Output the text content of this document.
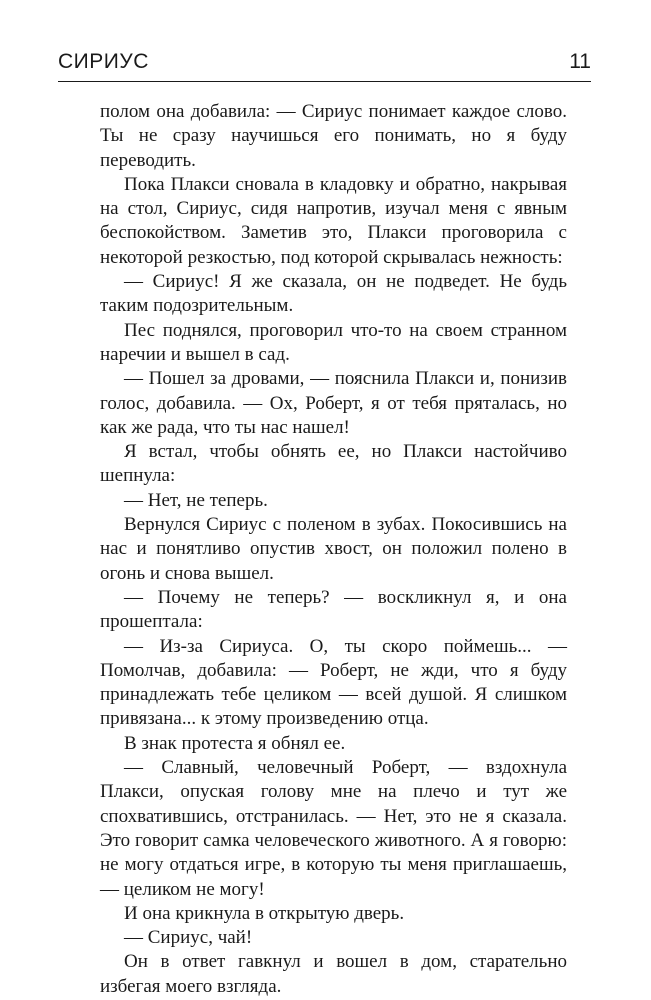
СИРИУС	11

полом она добавила: — Сириус понимает каждое слово. Ты не сразу научишься его понимать, но я буду переводить.

Пока Плакси сновала в кладовку и обратно, накрывая на стол, Сириус, сидя напротив, изучал меня с явным беспокойством. Заметив это, Плакси проговорила с некоторой резкостью, под которой скрывалась нежность:

— Сириус! Я же сказала, он не подведет. Не будь таким подозрительным.

Пес поднялся, проговорил что-то на своем странном наречии и вышел в сад.

— Пошел за дровами, — пояснила Плакси и, понизив голос, добавила. — Ох, Роберт, я от тебя пряталась, но как же рада, что ты нас нашел!

Я встал, чтобы обнять ее, но Плакси настойчиво шепнула:

— Нет, не теперь.

Вернулся Сириус с поленом в зубах. Покосившись на нас и понятливо опустив хвост, он положил полено в огонь и снова вышел.

— Почему не теперь? — воскликнул я, и она прошептала:

— Из-за Сириуса. О, ты скоро поймешь... — Помолчав, добавила: — Роберт, не жди, что я буду принадлежать тебе целиком — всей душой. Я слишком привязана... к этому произведению отца.

В знак протеста я обнял ее.

— Славный, человечный Роберт, — вздохнула Плакси, опуская голову мне на плечо и тут же спохватившись, отстранилась. — Нет, это не я сказала. Это говорит самка человеческого животного. А я говорю: не могу отдаться игре, в которую ты меня приглашаешь, — целиком не могу!

И она крикнула в открытую дверь.

— Сириус, чай!

Он в ответ гавкнул и вошел в дом, старательно избегая моего взгляда.
